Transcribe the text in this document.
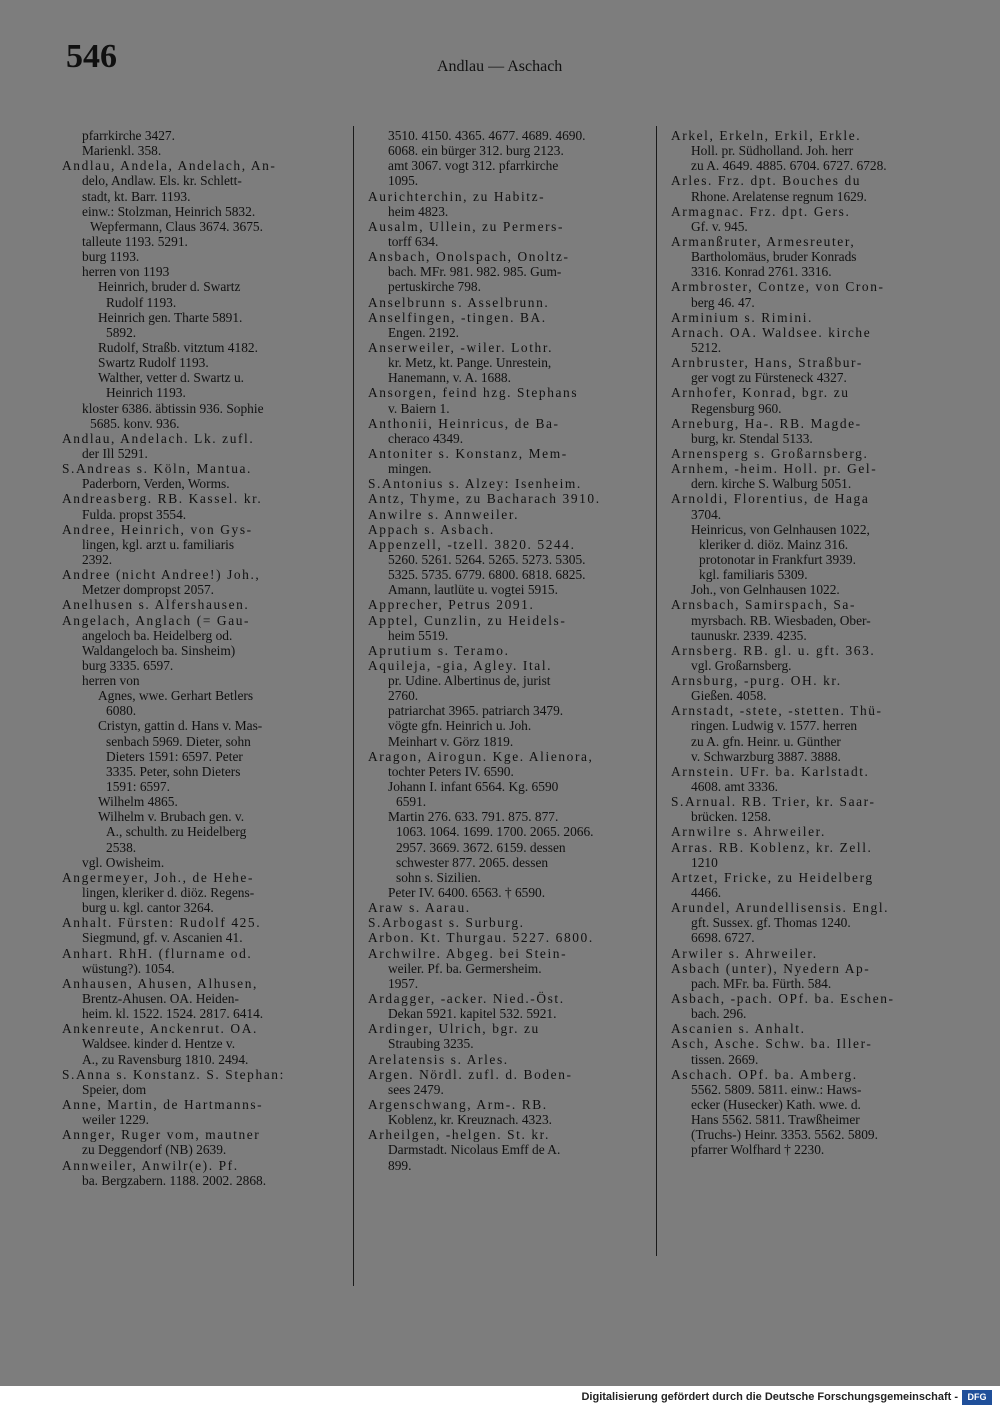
546	Andlau — Aschach
pfarrkirche 3427.
Marienkl. 358.
Andlau, Andela, Andelach, An-
delo, Andlaw. Els. kr. Schlett-
stadt, kt. Barr. 1193.
einw.: Stolzman, Heinrich 5832.
Wepfermann, Claus 3674. 3675.
talleute 1193. 5291.
burg 1193.
herren von 1193
Heinrich, bruder d. Swartz
Rudolf 1193.
Heinrich gen. Tharte 5891.
5892.
Rudolf, Straßb. vitztum 4182.
Swartz Rudolf 1193.
Walther, vetter d. Swartz u.
Heinrich 1193.
kloster 6386. äbtissin 936. Sophie
5685. konv. 936.
Andlau, Andelach. Lk. zufl.
der Ill 5291.
S.Andreas s. Köln, Mantua.
Paderborn, Verden, Worms.
Andreasberg. RB. Kassel. kr.
Fulda. propst 3554.
Andree, Heinrich, von Gys-
lingen, kgl. arzt u. familiaris
2392.
Andree (nicht Andree!) Joh.,
Metzer dompropst 2057.
Anelhusen s. Alfershausen.
Angelach, Anglach (= Gau-
angeloch ba. Heidelberg od.
Waldangeloch ba. Sinsheim)
burg 3335. 6597.
herren von
Agnes, wwe. Gerhart Betlers
6080.
Cristyn, gattin d. Hans v. Mas-
senbach 5969. Dieter, sohn
Dieters 1591: 6597. Peter
3335. Peter, sohn Dieters
1591: 6597.
Wilhelm 4865.
Wilhelm v. Brubach gen. v.
A., schulth. zu Heidelberg
2538.
vgl. Owisheim.
Angermeyer, Joh., de Hehe-
lingen, kleriker d. diöz. Regens-
burg u. kgl. cantor 3264.
Anhalt. Fürsten: Rudolf 425.
Siegmund, gf. v. Ascanien 41.
Anhart. RhH. (flurname od.
wüstung?). 1054.
Anhausen, Ahusen, Alhusen,
Brentz-Ahusen. OA. Heiden-
heim. kl. 1522. 1524. 2817. 6414.
Ankenreute, Anckenrut. OA.
Waldsee. kinder d. Hentze v.
A., zu Ravensburg 1810. 2494.
S.Anna s. Konstanz. S. Stephan:
Speier, dom
Anne, Martin, de Hartmanns-
weiler 1229.
Annger, Ruger vom, mautner
zu Deggendorf (NB) 2639.
Annweiler, Anwilr(e). Pf.
ba. Bergzabern. 1188. 2002. 2868.
3510. 4150. 4365. 4677. 4689. 4690.
6068. ein bürger 312. burg 2123.
amt 3067. vogt 312. pfarrkirche
1095.
Aurichterchin, zu Habitz-
heim 4823.
Ausalm, Ullein, zu Permers-
torff 634.
Ansbach, Onolspach, Onoltz-
bach. MFr. 981. 982. 985. Gum-
pertuskirche 798.
Anselbrunn s. Asselbrunn.
Anselfingen, -tingen. BA.
Engen. 2192.
Anserweiler, -wiler. Lothr.
kr. Metz, kt. Pange. Unrestein,
Hanemann, v. A. 1688.
Ansorgen, feind hzg. Stephans
v. Baiern 1.
Anthonii, Heinricus, de Ba-
cheraco 4349.
Antoniter s. Konstanz, Mem-
mingen.
S.Antonius s. Alzey: Isenheim.
Antz, Thyme, zu Bacharach 3910.
Anwilre s. Annweiler.
Appach s. Asbach.
Appenzell, -tzell. 3820. 5244.
5260. 5261. 5264. 5265. 5273. 5305.
5325. 5735. 6779. 6800. 6818. 6825.
Amann, lautlüte u. vogtei 5915.
Apprecher, Petrus 2091.
Apptel, Cunzlin, zu Heidels-
heim 5519.
Aprutium s. Teramo.
Aquileja, -gia, Agley. Ital.
pr. Udine. Albertinus de, jurist
2760.
patriarchat 3965. patriarch 3479.
vögte gfn. Heinrich u. Joh.
Meinhart v. Görz 1819.
Aragon, Airogun. Kge. Alienora,
tochter Peters IV. 6590.
Johann I. infant 6564. Kg. 6590
6591.
Martin 276. 633. 791. 875. 877.
1063. 1064. 1699. 1700. 2065. 2066.
2957. 3669. 3672. 6159. dessen
schwester 877. 2065. dessen
sohn s. Sizilien.
Peter IV. 6400. 6563. † 6590.
Araw s. Aarau.
S.Arbogast s. Surburg.
Arbon. Kt. Thurgau. 5227. 6800.
Archwilre. Abgeg. bei Stein-
weiler. Pf. ba. Germersheim.
1957.
Ardagger, -acker. Nied.-Öst.
Dekan 5921. kapitel 532. 5921.
Ardinger, Ulrich, bgr. zu
Straubing 3235.
Arelatensis s. Arles.
Argen. Nördl. zufl. d. Boden-
sees 2479.
Argenschwang, Arm-. RB.
Koblenz, kr. Kreuznach. 4323.
Arheilgen, -helgen. St. kr.
Darmstadt. Nicolaus Emff de A.
899.
Arkel, Erkeln, Erkil, Erkle.
Holl. pr. Südholland. Joh. herr
zu A. 4649. 4885. 6704. 6727. 6728.
Arles. Frz. dpt. Bouches du
Rhone. Arelatense regnum 1629.
Armagnac. Frz. dpt. Gers.
Gf. v. 945.
Armanßruter, Armesreuter,
Bartholomäus, bruder Konrads
3316. Konrad 2761. 3316.
Armbroster, Contze, von Cron-
berg 46. 47.
Arminium s. Rimini.
Arnach. OA. Waldsee. kirche
5212.
Arnbruster, Hans, Straßbur-
ger vogt zu Fürsteneck 4327.
Arnhofer, Konrad, bgr. zu
Regensburg 960.
Arneburg, Ha-. RB. Magde-
burg, kr. Stendal 5133.
Arnensperg s. Großarnsberg.
Arnhem, -heim. Holl. pr. Gel-
dern. kirche S. Walburg 5051.
Arnoldi, Florentius, de Haga
3704.
Heinricus, von Gelnhausen 1022,
kleriker d. diöz. Mainz 316.
protonotar in Frankfurt 3939.
kgl. familiaris 5309.
Joh., von Gelnhausen 1022.
Arnsbach, Samirspach, Sa-
myrsbach. RB. Wiesbaden, Ober-
taunuskr. 2339. 4235.
Arnsberg. RB. gl. u. gft. 363.
vgl. Großarnsberg.
Arnsburg, -purg. OH. kr.
Gießen. 4058.
Arnstadt, -stete, -stetten. Thü-
ringen. Ludwig v. 1577. herren
zu A. gfn. Heinr. u. Günther
v. Schwarzburg 3887. 3888.
Arnstein. UFr. ba. Karlstadt.
4608. amt 3336.
S.Arnual. RB. Trier, kr. Saar-
brücken. 1258.
Arnwilre s. Ahrweiler.
Arras. RB. Koblenz, kr. Zell.
1210
Artzet, Fricke, zu Heidelberg
4466.
Arundel, Arundellisensis. Engl.
gft. Sussex. gf. Thomas 1240.
6698. 6727.
Arwiler s. Ahrweiler.
Asbach (unter), Nyedern Ap-
pach. MFr. ba. Fürth. 584.
Asbach, -pach. OPf. ba. Eschen-
bach. 296.
Ascanien s. Anhalt.
Asch, Asche. Schw. ba. Iller-
tissen. 2669.
Aschach. OPf. ba. Amberg.
5562. 5809. 5811. einw.: Haws-
ecker (Husecker) Kath. wwe. d.
Hans 5562. 5811. Trawßheimer
(Truchs-) Heinr. 3353. 5562. 5809.
pfarrer Wolfhard † 2230.
Digitalisierung gefördert durch die Deutsche Forschungsgemeinschaft -	DFG
